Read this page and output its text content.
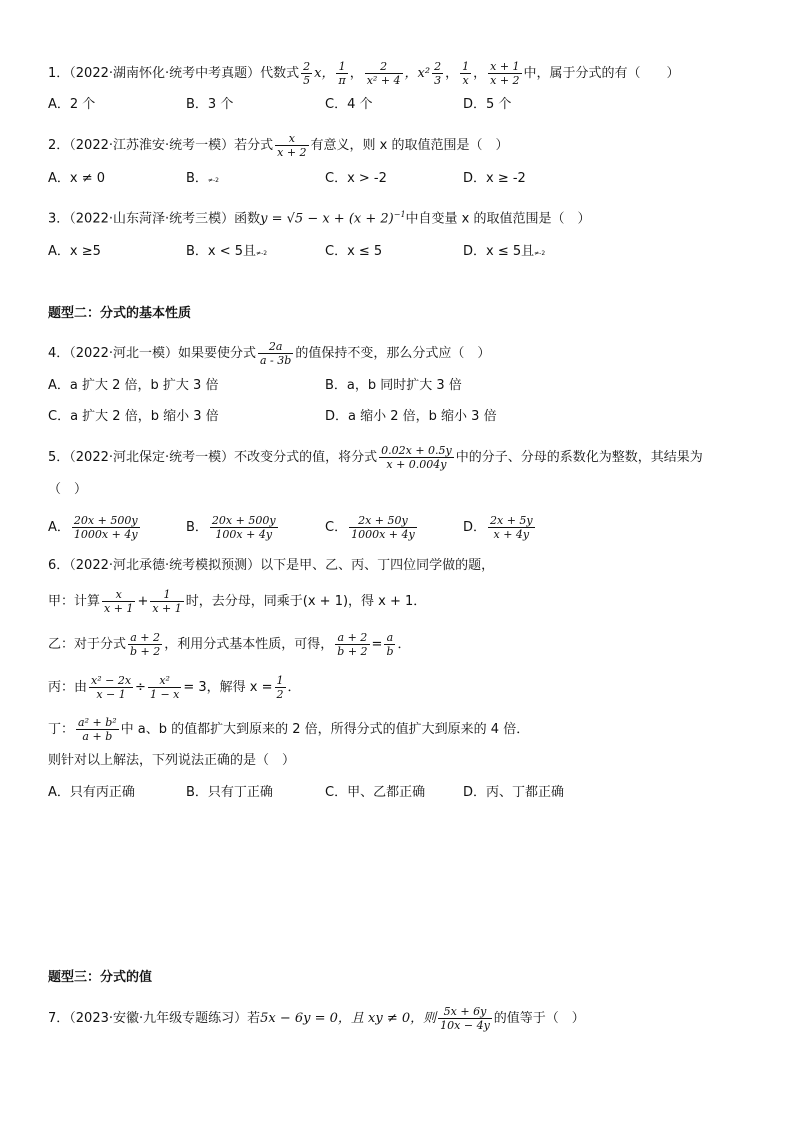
1．（2022·湖南怀化·统考中考真题）代数式 $\frac{2}{5}$ x， $\frac{1}{\pi}$ ， $\frac{2}{\text{x² + 4}}$ ，$x^2 \frac{2}{3}$ ， $\frac{1}{x}$ ， $\frac{x + 1}{x + 2}$ 中，属于分式的有（　　）
A．2 个	B．3 个	C．4 个	D．5 个
2．（2022·江苏淮安·统考一模）若分式 $\frac{x}{x + 2}$ 有意义，则 x 的取值范围是（　）
A．x ≠ 0	B．≠-2	C．x > -2	D．x ≥ -2
3．（2022·山东菏泽·统考三模）函数$y = √5 - x + (x + 2)^{-1}$中自变量 x 的取值范围是（　）
A．x ≥5	B．x < 5且≠-2	C．x ≤ 5	D．x ≤ 5且≠-2
题型二：分式的基本性质
4．（2022·河北一模）如果要使分式 $\frac{2a}{a - 3b}$ 的值保持不变，那么分式应（　）
A．a 扩大 2 倍，b 扩大 3 倍	B．a，b 同时扩大 3 倍
C．a 扩大 2 倍，b 缩小 3 倍	D．a 缩小 2 倍，b 缩小 3 倍
5．（2022·河北保定·统考一模）不改变分式的值，将分式 $\frac{0.02x + 0.5y}{x + 0.004y}$ 中的分子、分母的系数化为整数，其结果为
（　）
A． $\frac{20x + 500y}{1000x + 4y}$	B． $\frac{20x + 500y}{100x + 4y}$	C． $\frac{2x + 50y}{1000x + 4y}$	D． $\frac{2x + 5y}{x + 4y}$
6．（2022·河北承德·统考模拟预测）以下是甲、乙、丙、丁四位同学做的题，
甲：计算 $\frac{x}{x + 1} + \frac{1}{x + 1}$ 时，去分母，同乘于(x + 1)，得 x + 1．
乙：对于分式 $\frac{a + 2}{b + 2}$ ，利用分式基本性质，可得， $\frac{a + 2}{b + 2} = \frac{a}{b}$ ．
丙：由 $\frac{\text{x² − 2x}}{x - 1} \div \frac{\text{x²}}{1 - x} = 3$，解得 $x = \frac{1}{2}$ ．
丁： $\frac{\text{a² + b²}}{a + b}$ 中 a、b 的值都扩大到原来的 2 倍，所得分式的值扩大到原来的 4 倍．
则针对以上解法，下列说法正确的是（　）
A．只有丙正确	B．只有丁正确	C．甲、乙都正确	D．丙、丁都正确
题型三：分式的值
7．（2023·安徽·九年级专题练习）若5x − 6y = 0，且 xy ≠ 0，则 $\frac{5x + 6y}{10x - 4y}$ 的值等于（　）
